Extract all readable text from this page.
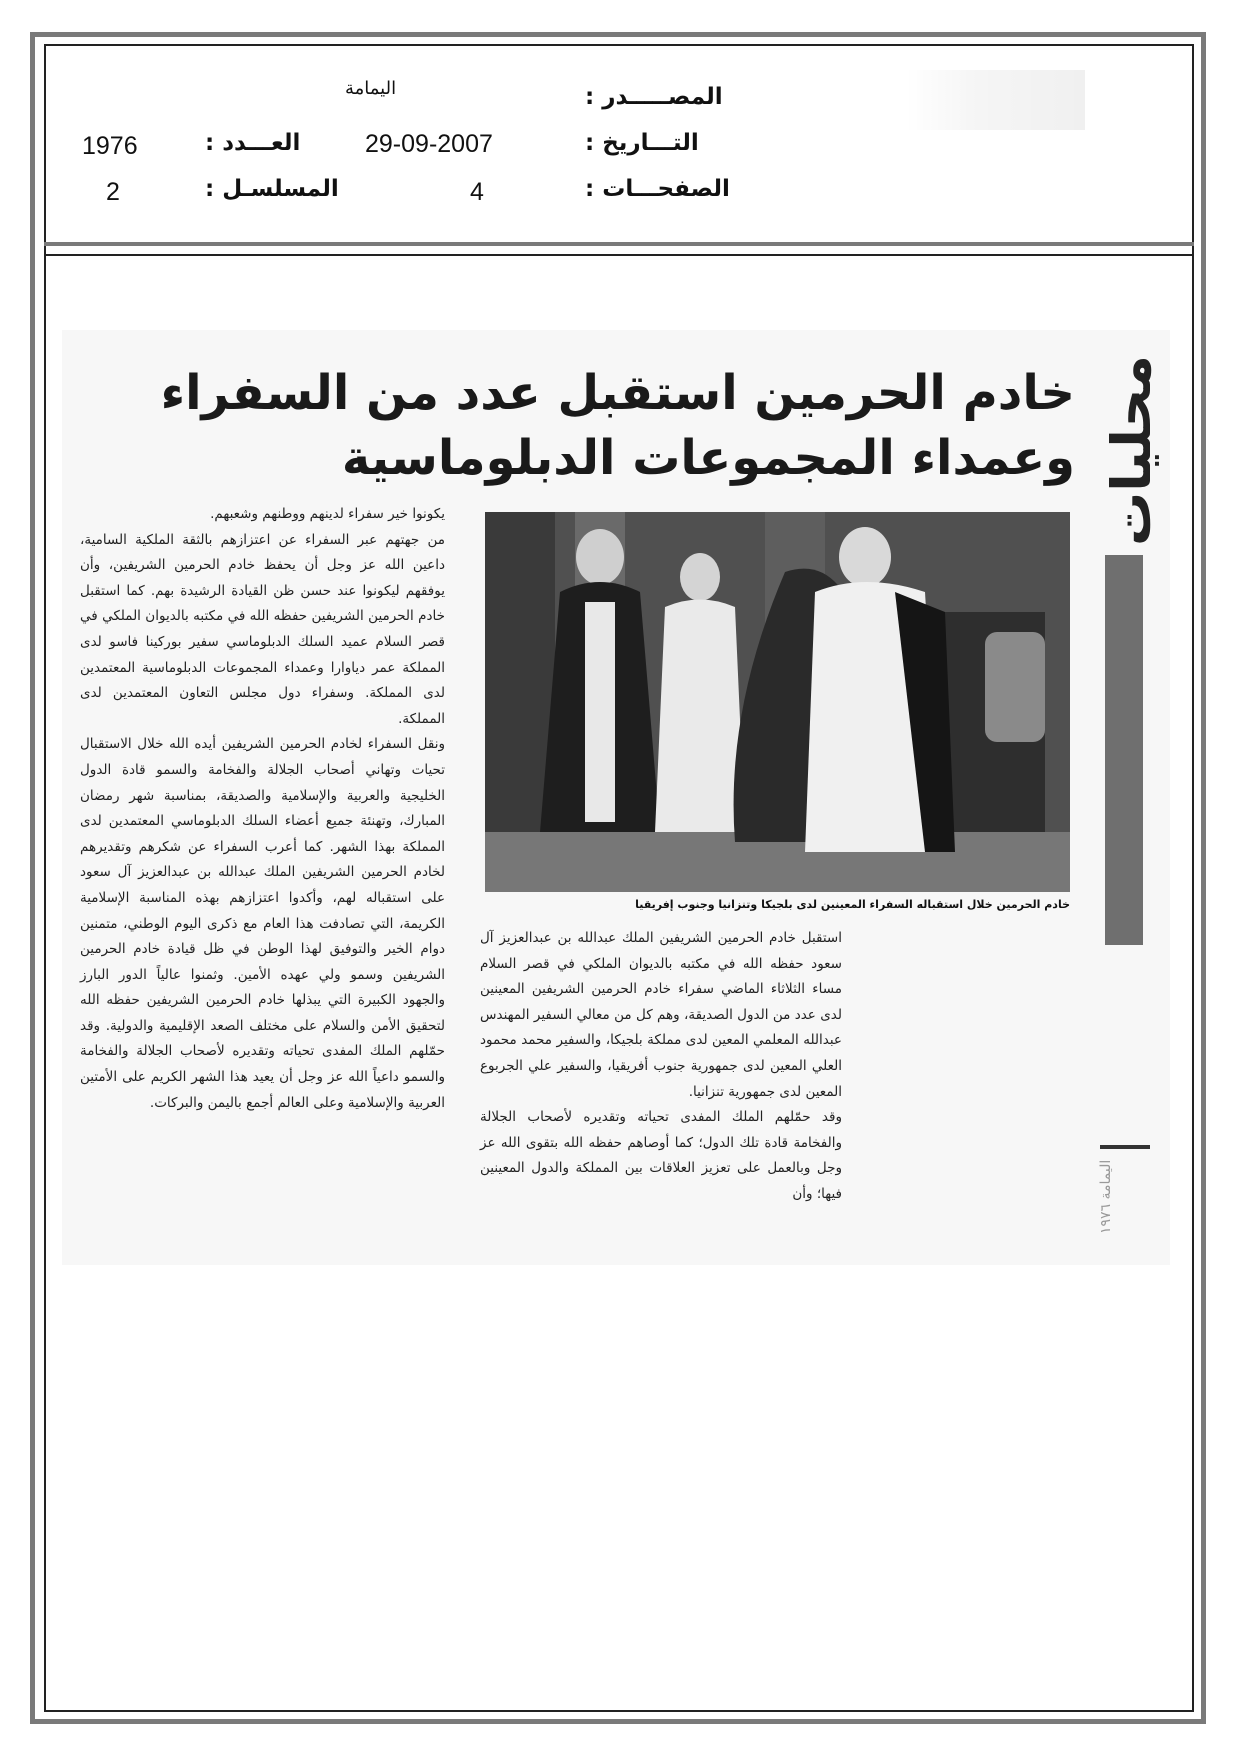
اليمامة	المصـــــدر :
1976	العـــدد :	29-09-2007	التـــاريخ :
2	المسلسـل :	4	الصفحـــات :
محليات
اليمامة ١٩٧٦
خادم الحرمين استقبل عدد من السفراء
وعمداء المجموعات الدبلوماسية
خادم الحرمين خلال استقباله السفراء المعينين لدى بلجيكا وتنزانيا وجنوب إفريقيا

يكونوا خير سفراء لدينهم ووطنهم وشعبهم.

من جهتهم عبر السفراء عن اعتزازهم بالثقة الملكية السامية، داعين الله عز وجل أن يحفظ خادم الحرمين الشريفين، وأن يوفقهم ليكونوا عند حسن ظن القيادة الرشيدة بهم. كما استقبل خادم الحرمين الشريفين حفظه الله في مكتبه بالديوان الملكي في قصر السلام عميد السلك الدبلوماسي سفير بوركينا فاسو لدى المملكة عمر دياوارا وعمداء المجموعات الدبلوماسية المعتمدين لدى المملكة. وسفراء دول مجلس التعاون المعتمدين لدى المملكة.

ونقل السفراء لخادم الحرمين الشريفين أيده الله خلال الاستقبال تحيات وتهاني أصحاب الجلالة والفخامة والسمو قادة الدول الخليجية والعربية والإسلامية والصديقة، بمناسبة شهر رمضان المبارك، وتهنئة جميع أعضاء السلك الدبلوماسي المعتمدين لدى المملكة بهذا الشهر. كما أعرب السفراء عن شكرهم وتقديرهم لخادم الحرمين الشريفين الملك عبدالله بن عبدالعزيز آل سعود على استقباله لهم، وأكدوا اعتزازهم بهذه المناسبة الإسلامية الكريمة، التي تصادفت هذا العام مع ذكرى اليوم الوطني، متمنين دوام الخير والتوفيق لهذا الوطن في ظل قيادة خادم الحرمين الشريفين وسمو ولي عهده الأمين. وثمنوا عالياً الدور البارز والجهود الكبيرة التي يبذلها خادم الحرمين الشريفين حفظه الله لتحقيق الأمن والسلام على مختلف الصعد الإقليمية والدولية. وقد حمّلهم الملك المفدى تحياته وتقديره لأصحاب الجلالة والفخامة والسمو داعياً الله عز وجل أن يعيد هذا الشهر الكريم على الأمتين العربية والإسلامية وعلى العالم أجمع باليمن والبركات.

استقبل خادم الحرمين الشريفين الملك عبدالله بن عبدالعزيز آل سعود حفظه الله في مكتبه بالديوان الملكي في قصر السلام مساء الثلاثاء الماضي سفراء خادم الحرمين الشريفين المعينين لدى عدد من الدول الصديقة، وهم كل من معالي السفير المهندس عبدالله المعلمي المعين لدى مملكة بلجيكا، والسفير محمد محمود العلي المعين لدى جمهورية جنوب أفريقيا، والسفير علي الجربوع المعين لدى جمهورية تنزانيا.

وقد حمّلهم الملك المفدى تحياته وتقديره لأصحاب الجلالة والفخامة قادة تلك الدول؛ كما أوصاهم حفظه الله بتقوى الله عز وجل وبالعمل على تعزيز العلاقات بين المملكة والدول المعينين فيها؛ وأن
